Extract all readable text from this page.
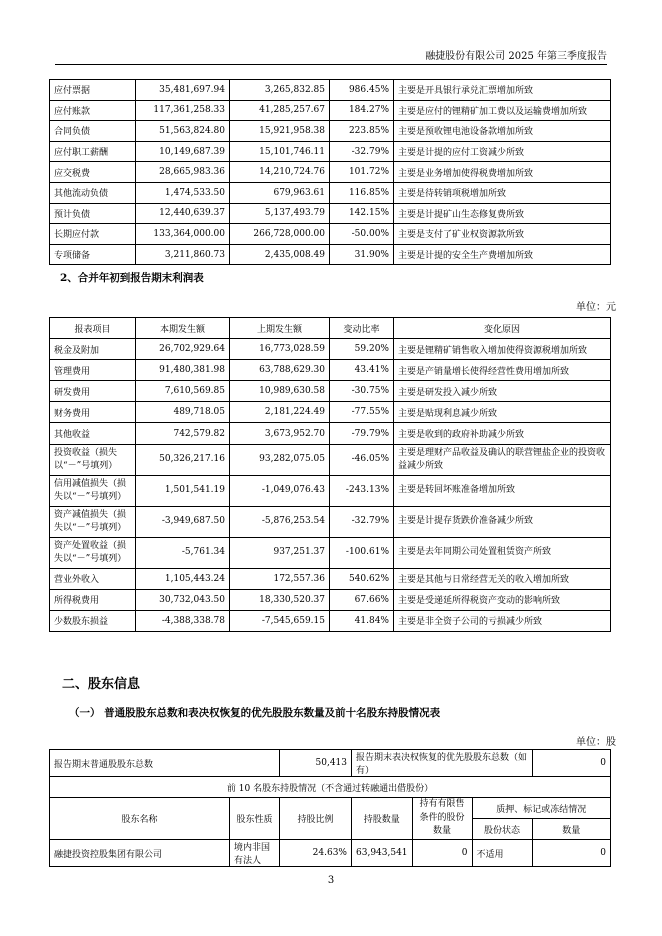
融捷股份有限公司 2025 年第三季度报告
应付票据	35,481,697.94	3,265,832.85	986.45%	主要是开具银行承兑汇票增加所致
应付账款	117,361,258.33	41,285,257.67	184.27%	主要是应付的锂精矿加工费以及运输费增加所致
合同负债	51,563,824.80	15,921,958.38	223.85%	主要是预收锂电池设备款增加所致
应付职工薪酬	10,149,687.39	15,101,746.11	-32.79%	主要是计提的应付工资减少所致
应交税费	28,665,983.36	14,210,724.76	101.72%	主要是业务增加使得税费增加所致
其他流动负债	1,474,533.50	679,963.61	116.85%	主要是待转销项税增加所致
预计负债	12,440,639.37	5,137,493.79	142.15%	主要是计提矿山生态修复费所致
长期应付款	133,364,000.00	266,728,000.00	-50.00%	主要是支付了矿业权资源款所致
专项储备	3,211,860.73	2,435,008.49	31.90%	主要是计提的安全生产费增加所致
2、合并年初到报告期末利润表
单位：元
报表项目	本期发生额	上期发生额	变动比率	变化原因
税金及附加	26,702,929.64	16,773,028.59	59.20%	主要是锂精矿销售收入增加使得资源税增加所致
管理费用	91,480,381.98	63,788,629.30	43.41%	主要是产销量增长使得经营性费用增加所致
研发费用	7,610,569.85	10,989,630.58	-30.75%	主要是研发投入减少所致
财务费用	489,718.05	2,181,224.49	-77.55%	主要是贴现利息减少所致
其他收益	742,579.82	3,673,952.70	-79.79%	主要是收到的政府补助减少所致
投资收益（损失以“－”号填列）	50,326,217.16	93,282,075.05	-46.05%	主要是理财产品收益及确认的联营锂盐企业的投资收益减少所致
信用减值损失（损失以“－”号填列）	1,501,541.19	-1,049,076.43	-243.13%	主要是转回坏账准备增加所致
资产减值损失（损失以“－”号填列）	-3,949,687.50	-5,876,253.54	-32.79%	主要是计提存货跌价准备减少所致
资产处置收益（损失以“－”号填列）	-5,761.34	937,251.37	-100.61%	主要是去年同期公司处置租赁资产所致
营业外收入	1,105,443.24	172,557.36	540.62%	主要是其他与日常经营无关的收入增加所致
所得税费用	30,732,043.50	18,330,520.37	67.66%	主要是受递延所得税资产变动的影响所致
少数股东损益	-4,388,338.78	-7,545,659.15	41.84%	主要是非全资子公司的亏损减少所致
二、股东信息
（一） 普通股股东总数和表决权恢复的优先股股东数量及前十名股东持股情况表
单位：股
报告期末普通股股东总数		50,413	报告期末表决权恢复的优先股股东总数（如有）			0
前 10 名股东持股情况（不含通过转融通出借股份）						
股东名称	股东性质	持股比例	持股数量	持有有限售条件的股份数量	质押、标记或冻结情况	
					股份状态	数量
融捷投资控股集团有限公司	境内非国有法人	24.63%	63,943,541	0	不适用	0
3
